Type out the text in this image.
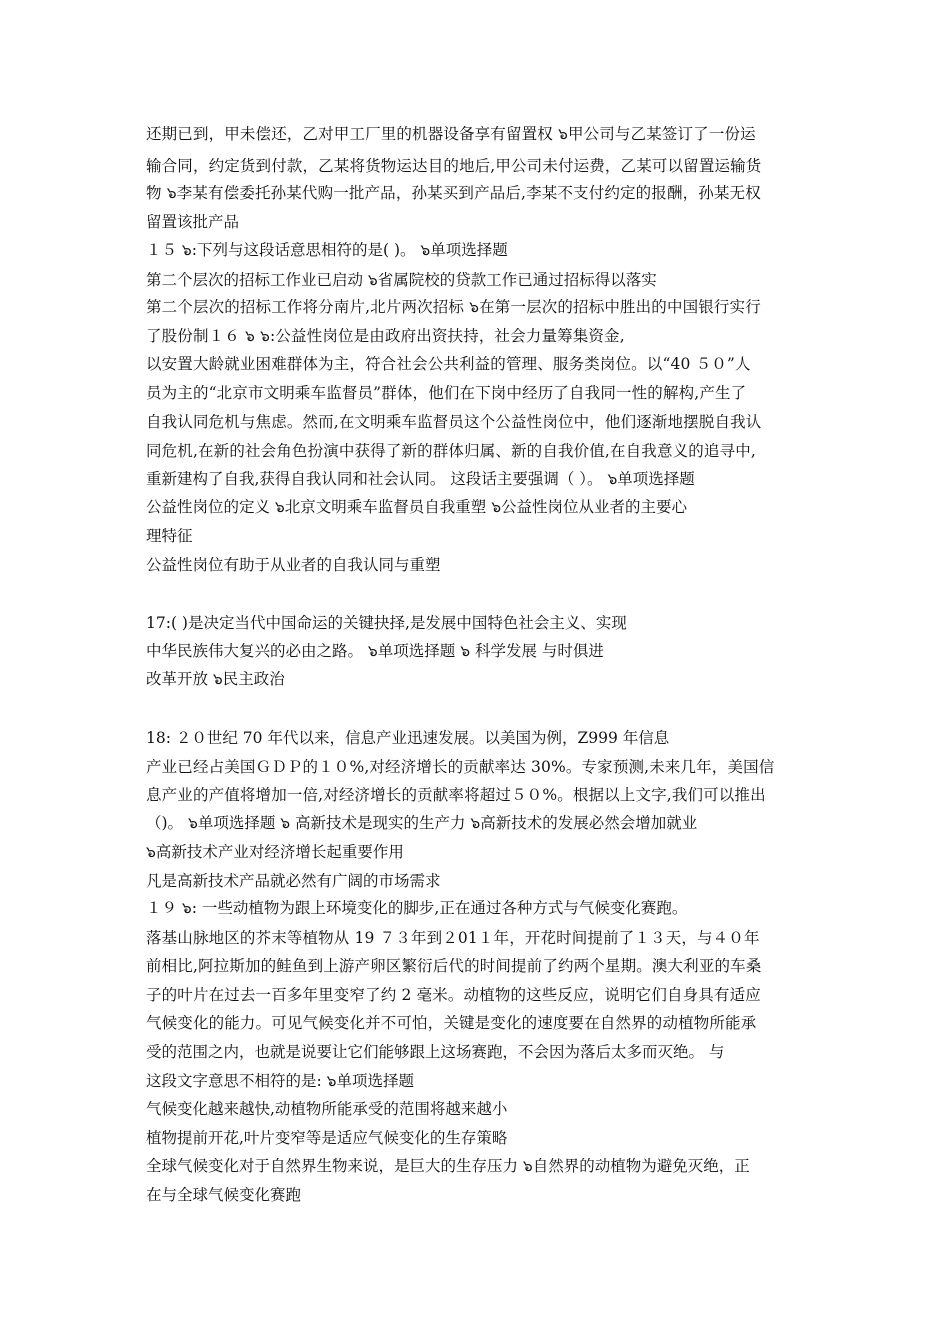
还期已到，甲未偿还，乙对甲工厂里的机器设备享有留置权 ๖甲公司与乙某签订了一份运
输合同，约定货到付款，乙某将货物运达目的地后,甲公司未付运费，乙某可以留置运输货
物 ๖李某有偿委托孙某代购一批产品，孙某买到产品后,李某不支付约定的报酬，孙某无权
留置该批产品
１５ ๖:下列与这段话意思相符的是( )。 ๖单项选择题
第二个层次的招标工作业已启动 ๖省属院校的贷款工作已通过招标得以落实
第二个层次的招标工作将分南片,北片两次招标 ๖在第一层次的招标中胜出的中国银行实行
了股份制１６ ๖ ๖:公益性岗位是由政府出资扶持，社会力量筹集资金,
以安置大龄就业困难群体为主，符合社会公共利益的管理、服务类岗位。以“40 ５０”人
员为主的“北京市文明乘车监督员”群体，他们在下岗中经历了自我同一性的解构,产生了
自我认同危机与焦虑。然而,在文明乘车监督员这个公益性岗位中，他们逐渐地摆脱自我认
同危机,在新的社会角色扮演中获得了新的群体归属、新的自我价值,在自我意义的追寻中,
重新建构了自我,获得自我认同和社会认同。 这段话主要强调（ ）。 ๖单项选择题
公益性岗位的定义 ๖北京文明乘车监督员自我重塑 ๖公益性岗位从业者的主要心
理特征
公益性岗位有助于从业者的自我认同与重塑
17:( )是决定当代中国命运的关键抉择,是发展中国特色社会主义、实现
中华民族伟大复兴的必由之路。 ๖单项选择题 ๖ 科学发展 与时俱进
改革开放 ๖民主政治
18: ２０世纪 70 年代以来，信息产业迅速发展。以美国为例，Z999 年信息
产业已经占美国ＧＤＰ的１０%,对经济增长的贡献率达 30%。专家预测,未来几年，美国信
息产业的产值将增加一倍,对经济增长的贡献率将超过５０%。根据以上文字,我们可以推出
（)。 ๖单项选择题 ๖ 高新技术是现实的生产力 ๖高新技术的发展必然会增加就业
๖高新技术产业对经济增长起重要作用
凡是高新技术产品就必然有广阔的市场需求
１９ ๖: 一些动植物为跟上环境变化的脚步,正在通过各种方式与气候变化赛跑。
落基山脉地区的芥末等植物从 19 ７３年到２01１年，开花时间提前了１３天，与４０年
前相比,阿拉斯加的鲑鱼到上游产卵区繁衍后代的时间提前了约两个星期。澳大利亚的车桑
子的叶片在过去一百多年里变窄了约 2 毫米。动植物的这些反应，说明它们自身具有适应
气候变化的能力。可见气候变化并不可怕，关键是变化的速度要在自然界的动植物所能承
受的范围之内，也就是说要让它们能够跟上这场赛跑，不会因为落后太多而灭绝。 与
这段文字意思不相符的是: ๖单项选择题
气候变化越来越快,动植物所能承受的范围将越来越小
植物提前开花,叶片变窄等是适应气候变化的生存策略
全球气候变化对于自然界生物来说，是巨大的生存压力 ๖自然界的动植物为避免灭绝，正
在与全球气候变化赛跑
